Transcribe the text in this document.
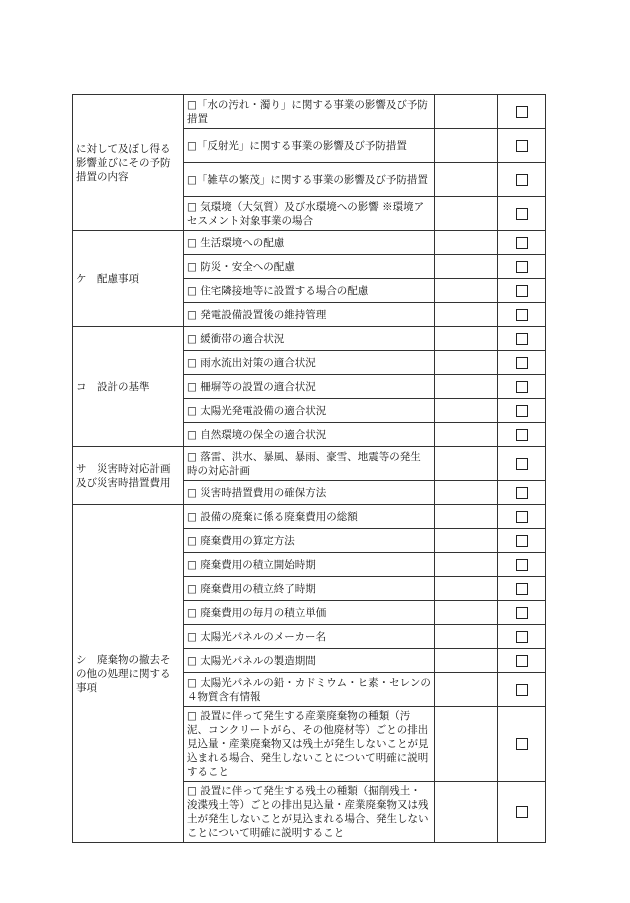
に対して及ぼし得る影響並びにその予防措置の内容	□「水の汚れ・濁り」に関する事業の影響及び予防措置		
	□「反射光」に関する事業の影響及び予防措置		
	□「雑草の繁茂」に関する事業の影響及び予防措置		
	□ 気環境（大気質）及び水環境への影響 ※環境アセスメント対象事業の場合		
ケ　配慮事項	□ 生活環境への配慮		
	□ 防災・安全への配慮		
	□ 住宅隣接地等に設置する場合の配慮		
	□ 発電設備設置後の維持管理		
コ　設計の基準	□ 緩衝帯の適合状況		
	□ 雨水流出対策の適合状況		
	□ 柵塀等の設置の適合状況		
	□ 太陽光発電設備の適合状況		
	□ 自然環境の保全の適合状況		
サ　災害時対応計画及び災害時措置費用	□ 落雷、洪水、暴風、暴雨、豪雪、地震等の発生時の対応計画		
	□ 災害時措置費用の確保方法		
シ　廃棄物の撤去その他の処理に関する事項	□ 設備の廃棄に係る廃棄費用の総額		
	□ 廃棄費用の算定方法		
	□ 廃棄費用の積立開始時期		
	□ 廃棄費用の積立終了時期		
	□ 廃棄費用の毎月の積立単価		
	□ 太陽光パネルのメーカー名		
	□ 太陽光パネルの製造期間		
	□ 太陽光パネルの鉛・カドミウム・ヒ素・セレンの４物質含有情報		
	□ 設置に伴って発生する産業廃棄物の種類（汚泥、コンクリートがら、その他廃材等）ごとの排出見込量・産業廃棄物又は残土が発生しないことが見込まれる場合、発生しないことについて明確に説明すること		
	□ 設置に伴って発生する残土の種類（掘削残土・浚渫残土等）ごとの排出見込量・産業廃棄物又は残土が発生しないことが見込まれる場合、発生しないことについて明確に説明すること		
